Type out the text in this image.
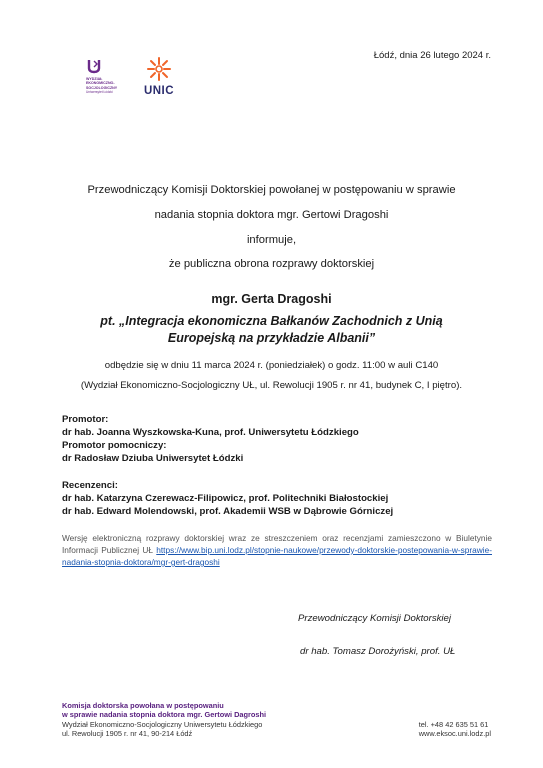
Łódź, dnia 26 lutego 2024 r.
WYDZIAŁ
EKONOMICZNO-
SOCJOLOGICZNY
Uniwersytet Łódzki	UNIC
Przewodniczący Komisji Doktorskiej powołanej w postępowaniu w sprawie
nadania stopnia doktora mgr. Gertowi Dragoshi
informuje,
że publiczna obrona rozprawy doktorskiej
mgr. Gerta Dragoshi
pt. „Integracja ekonomiczna Bałkanów Zachodnich z Unią
Europejską na przykładzie Albanii”
odbędzie się w dniu 11 marca 2024 r. (poniedziałek) o godz. 11:00 w auli C140
(Wydział Ekonomiczno-Socjologiczny UŁ, ul. Rewolucji 1905 r. nr 41, budynek C, I piętro).
Promotor:
dr hab. Joanna Wyszkowska-Kuna, prof. Uniwersytetu Łódzkiego
Promotor pomocniczy:
dr Radosław Dziuba Uniwersytet Łódzki
Recenzenci:
dr hab. Katarzyna Czerewacz-Filipowicz, prof. Politechniki Białostockiej
dr hab. Edward Molendowski, prof. Akademii WSB w Dąbrowie Górniczej
Wersję elektroniczną rozprawy doktorskiej wraz ze streszczeniem oraz recenzjami zamieszczono w Biuletynie Informacji Publicznej UŁ https://www.bip.uni.lodz.pl/stopnie-naukowe/przewody-doktorskie-postepowania-w-sprawie-nadania-stopnia-doktora/mgr-gert-dragoshi
Przewodniczący Komisji Doktorskiej
dr hab. Tomasz Dorożyński, prof. UŁ
Komisja doktorska powołana w postępowaniu
w sprawie nadania stopnia doktora mgr. Gertowi Dagroshi
Wydział Ekonomiczno-Socjologiczny Uniwersytetu Łódzkiego
ul. Rewolucji 1905 r. nr 41, 90-214 Łódź
tel. +48 42 635 51 61
www.eksoc.uni.lodz.pl
